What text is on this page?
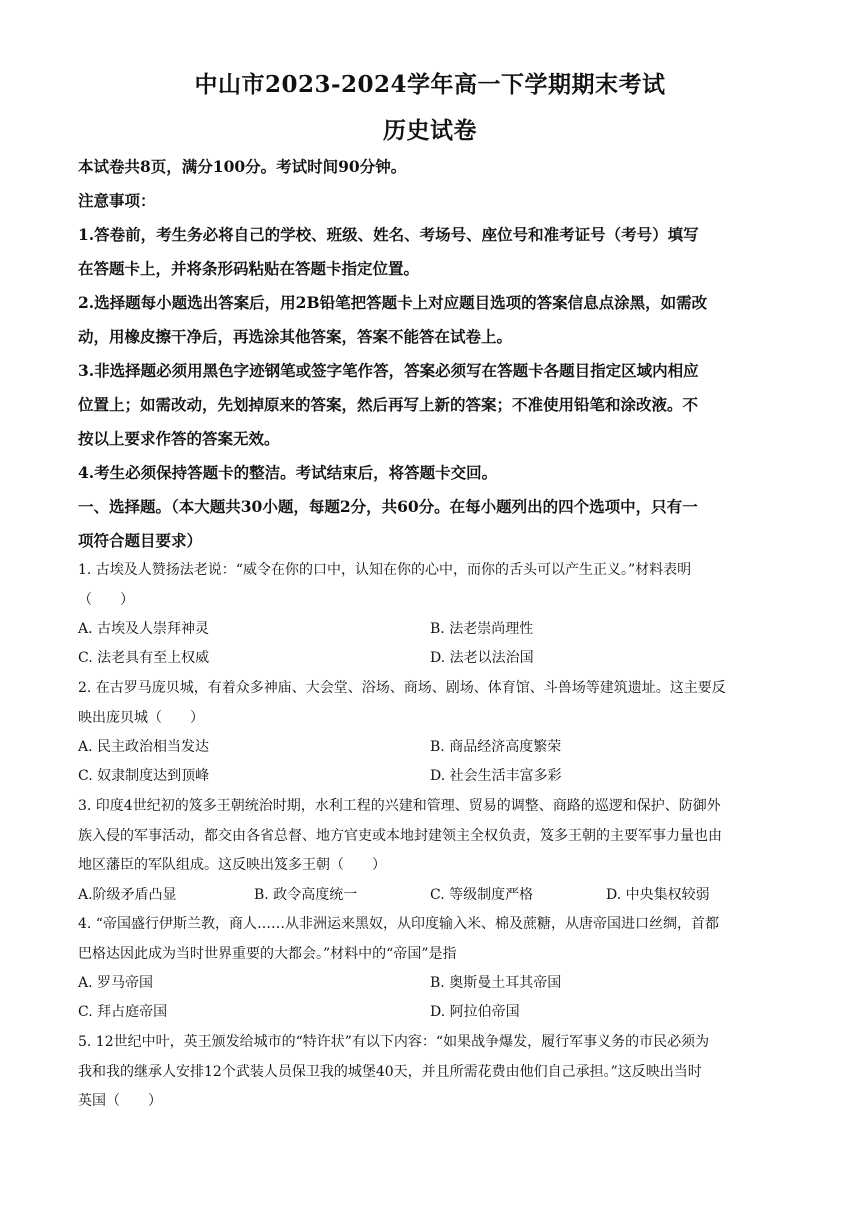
中山市2023-2024学年高一下学期期末考试
历史试卷

本试卷共8页，满分100分。考试时间90分钟。

注意事项：

1.答卷前，考生务必将自己的学校、班级、姓名、考场号、座位号和准考证号（考号）填写

在答题卡上，并将条形码粘贴在答题卡指定位置。

2.选择题每小题选出答案后，用2B铅笔把答题卡上对应题目选项的答案信息点涂黑，如需改

动，用橡皮擦干净后，再选涂其他答案，答案不能答在试卷上。

3.非选择题必须用黑色字迹钢笔或签字笔作答，答案必须写在答题卡各题目指定区域内相应

位置上；如需改动，先划掉原来的答案，然后再写上新的答案；不准使用铅笔和涂改液。不

按以上要求作答的答案无效。

4.考生必须保持答题卡的整洁。考试结束后，将答题卡交回。

一、选择题。（本大题共30小题，每题2分，共60分。在每小题列出的四个选项中，只有一

项符合题目要求）

1. 古埃及人赞扬法老说：“威令在你的口中，认知在你的心中，而你的舌头可以产生正义。”材料表明

（　　）

A. 古埃及人崇拜神灵	B. 法老崇尚理性
C. 法老具有至上权威	D. 法老以法治国

2. 在古罗马庞贝城，有着众多神庙、大会堂、浴场、商场、剧场、体育馆、斗兽场等建筑遗址。这主要反

映出庞贝城（　　）

A. 民主政治相当发达	B. 商品经济高度繁荣
C. 奴隶制度达到顶峰	D. 社会生活丰富多彩

3. 印度4世纪初的笈多王朝统治时期，水利工程的兴建和管理、贸易的调整、商路的巡逻和保护、防御外

族入侵的军事活动，都交由各省总督、地方官吏或本地封建领主全权负责，笈多王朝的主要军事力量也由

地区藩臣的军队组成。这反映出笈多王朝（　　）

A.阶级矛盾凸显	B. 政令高度统一	C. 等级制度严格	D. 中央集权较弱

4. “帝国盛行伊斯兰教，商人……从非洲运来黑奴，从印度输入米、棉及蔗糖，从唐帝国进口丝绸，首都

巴格达因此成为当时世界重要的大都会。”材料中的“帝国”是指

A. 罗马帝国	B. 奥斯曼土耳其帝国
C. 拜占庭帝国	D. 阿拉伯帝国

5. 12世纪中叶，英王颁发给城市的“特许状”有以下内容：“如果战争爆发，履行军事义务的市民必须为

我和我的继承人安排12个武装人员保卫我的城堡40天，并且所需花费由他们自己承担。”这反映出当时

英国（　　）
